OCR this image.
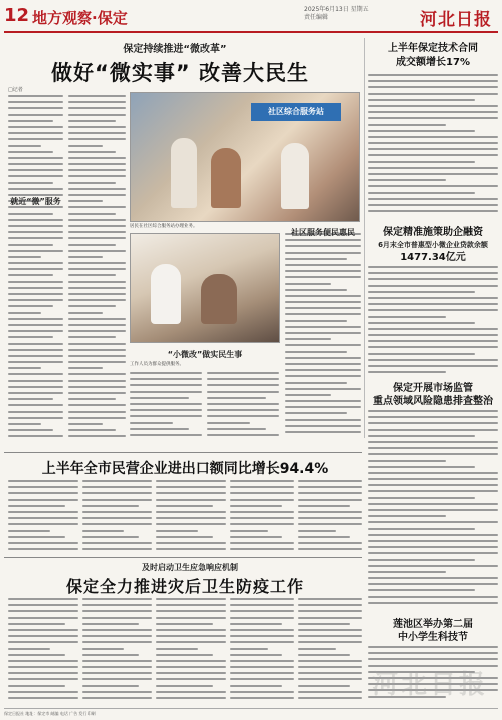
12 地方观察·保定	2025年6月13日 星期五
责任编辑	河北日报
保定持续推进“微改革”
做好“微实事” 改善大民生
□记者
就近“微”服务
社区综合服务站
居民在社区综合服务站办理业务。
“小微改”做实民生事
工作人员为群众提供服务。
社区服务便民惠民
上半年保定技术合同
成交额增长17%
保定精准施策助企融资
6月末全市普惠型小微企业贷款余额
1477.34亿元
保定开展市场监管
重点领域风险隐患排查整治
莲池区举办第二届
中小学生科技节
上半年全市民营企业进出口额同比增长94.4%
及时启动卫生应急响应机制
保定全力推进灾后卫生防疫工作
河北日报
保定日报社 地址：保定市 邮编 电话 广告 发行 印刷
